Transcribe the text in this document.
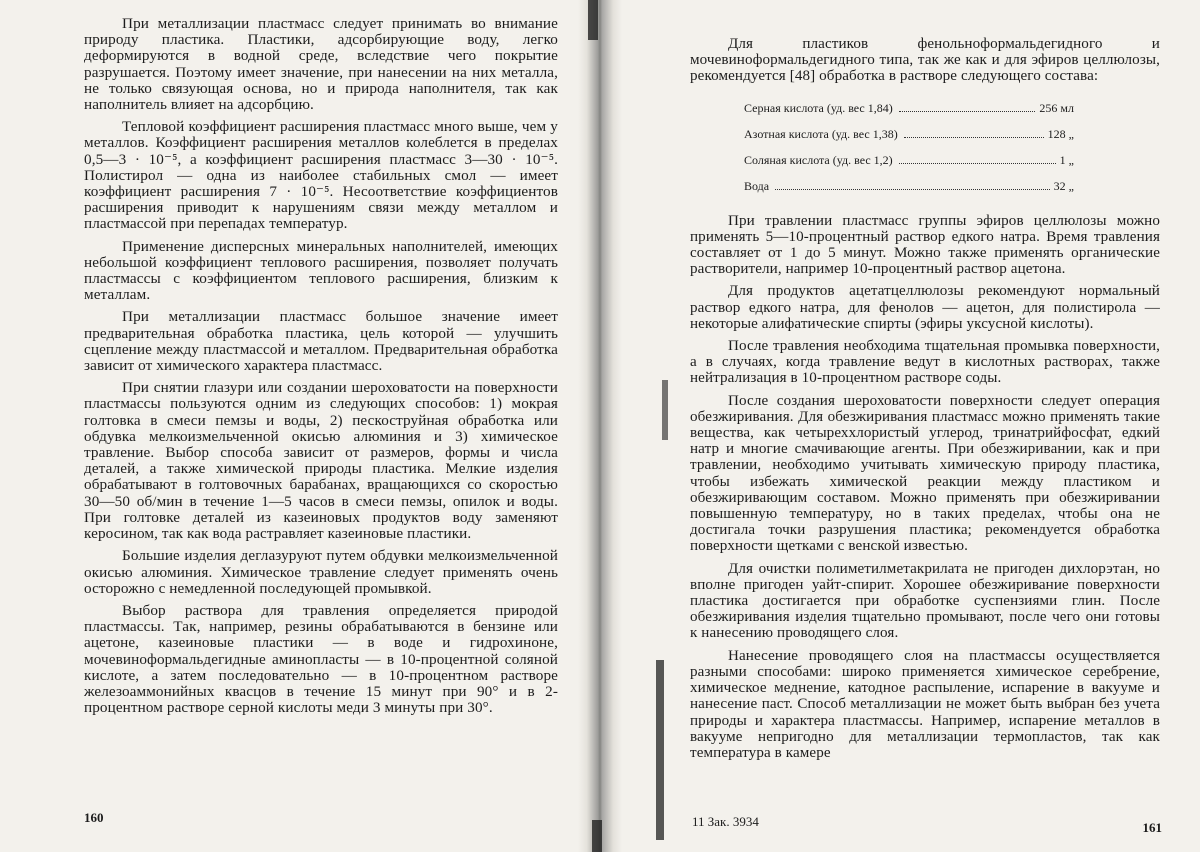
При металлизации пластмасс следует принимать во внимание природу пластика. Пластики, адсорбирующие воду, легко деформируются в водной среде, вследствие чего покрытие разрушается. Поэтому имеет значение, при нанесении на них металла, не только связующая основа, но и природа наполнителя, так как наполнитель влияет на адсорбцию.

Тепловой коэффициент расширения пластмасс много выше, чем у металлов. Коэффициент расширения металлов колеблется в пределах 0,5—3 · 10⁻⁵, а коэффициент расширения пластмасс 3—30 · 10⁻⁵. Полистирол — одна из наиболее стабильных смол — имеет коэффициент расширения 7 · 10⁻⁵. Несоответствие коэффициентов расширения приводит к нарушениям связи между металлом и пластмассой при перепадах температур.

Применение дисперсных минеральных наполнителей, имеющих небольшой коэффициент теплового расширения, позволяет получать пластмассы с коэффициентом теплового расширения, близким к металлам.

При металлизации пластмасс большое значение имеет предварительная обработка пластика, цель которой — улучшить сцепление между пластмассой и металлом. Предварительная обработка зависит от химического характера пластмасс.

При снятии глазури или создании шероховатости на поверхности пластмассы пользуются одним из следующих способов: 1) мокрая голтовка в смеси пемзы и воды, 2) пескоструйная обработка или обдувка мелкоизмельченной окисью алюминия и 3) химическое травление. Выбор способа зависит от размеров, формы и числа деталей, а также химической природы пластика. Мелкие изделия обрабатывают в голтовочных барабанах, вращающихся со скоростью 30—50 об/мин в течение 1—5 часов в смеси пемзы, опилок и воды. При голтовке деталей из казеиновых продуктов воду заменяют керосином, так как вода растравляет казеиновые пластики.

Большие изделия деглазуруют путем обдувки мелкоизмельченной окисью алюминия. Химическое травление следует применять очень осторожно с немедленной последующей промывкой.

Выбор раствора для травления определяется природой пластмассы. Так, например, резины обрабатываются в бензине или ацетоне, казеиновые пластики — в воде и гидрохиноне, мочевиноформальдегидные аминопласты — в 10-процентной соляной кислоте, а затем последовательно — в 10-процентном растворе железоаммонийных квасцов в течение 15 минут при 90° и в 2-процентном растворе серной кислоты меди 3 минуты при 30°.

160

Для пластиков фенольноформальдегидного и мочевиноформальдегидного типа, так же как и для эфиров целлюлозы, рекомендуется [48] обработка в растворе следующего состава:

Серная кислота (уд. вес 1,84)	256 мл
Азотная кислота (уд. вес 1,38)	128 „
Соляная кислота (уд. вес 1,2)	1 „
Вода	32 „

При травлении пластмасс группы эфиров целлюлозы можно применять 5—10-процентный раствор едкого натра. Время травления составляет от 1 до 5 минут. Можно также применять органические растворители, например 10-процентный раствор ацетона.

Для продуктов ацетатцеллюлозы рекомендуют нормальный раствор едкого натра, для фенолов — ацетон, для полистирола — некоторые алифатические спирты (эфиры уксусной кислоты).

После травления необходима тщательная промывка поверхности, а в случаях, когда травление ведут в кислотных растворах, также нейтрализация в 10-процентном растворе соды.

После создания шероховатости поверхности следует операция обезжиривания. Для обезжиривания пластмасс можно применять такие вещества, как четыреххлористый углерод, тринатрийфосфат, едкий натр и многие смачивающие агенты. При обезжиривании, как и при травлении, необходимо учитывать химическую природу пластика, чтобы избежать химической реакции между пластиком и обезжиривающим составом. Можно применять при обезжиривании повышенную температуру, но в таких пределах, чтобы она не достигала точки разрушения пластика; рекомендуется обработка поверхности щетками с венской известью.

Для очистки полиметилметакрилата не пригоден дихлорэтан, но вполне пригоден уайт-спирит. Хорошее обезжиривание поверхности пластика достигается при обработке суспензиями глин. После обезжиривания изделия тщательно промывают, после чего они готовы к нанесению проводящего слоя.

Нанесение проводящего слоя на пластмассы осуществляется разными способами: широко применяется химическое серебрение, химическое меднение, катодное распыление, испарение в вакууме и нанесение паст. Способ металлизации не может быть выбран без учета природы и характера пластмассы. Например, испарение металлов в вакууме непригодно для металлизации термопластов, так как температура в камере

11 Зак. 3934	161
